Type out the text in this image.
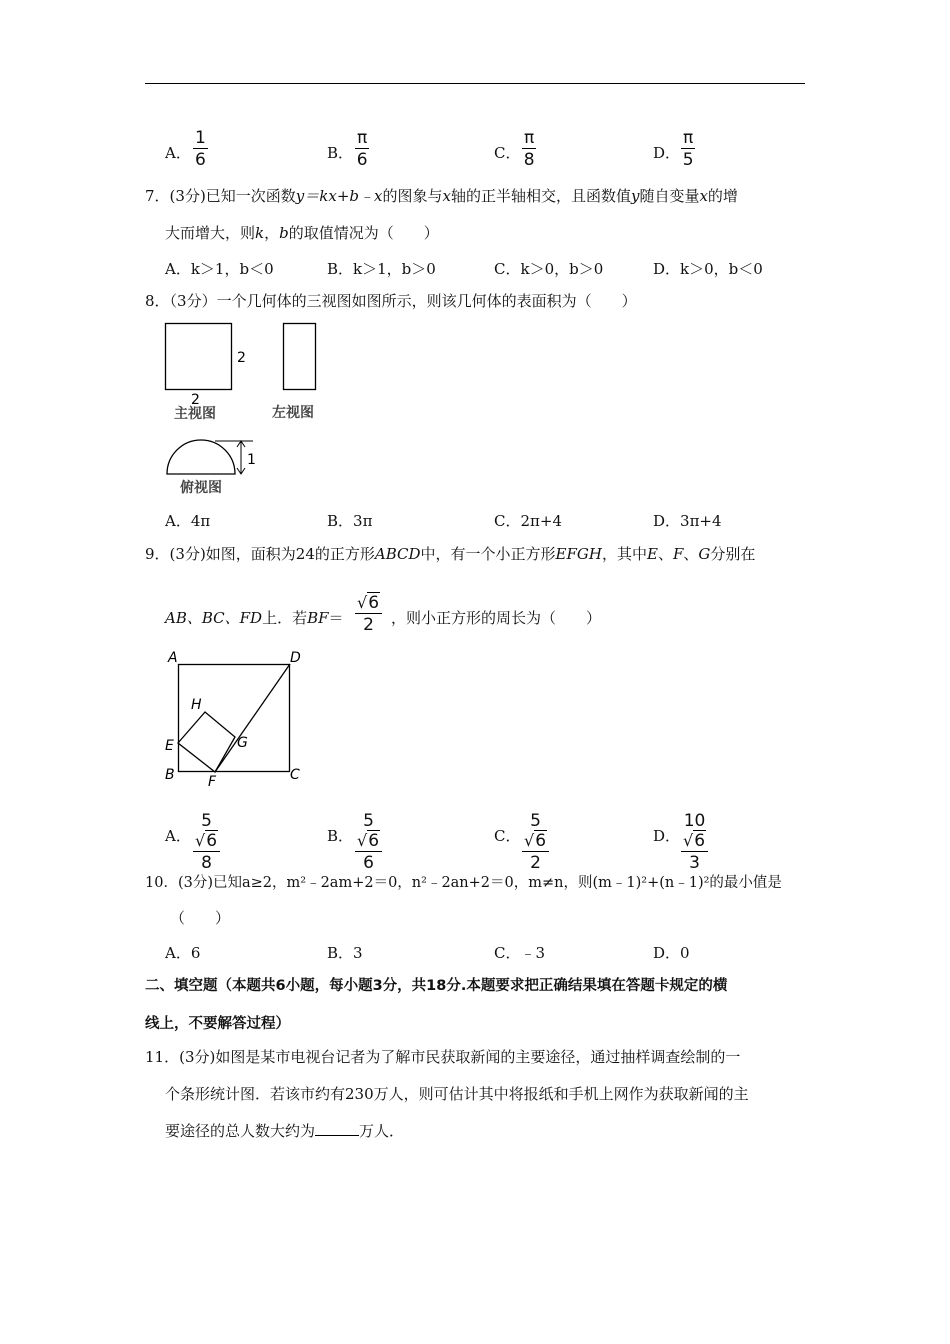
A． $\frac{1}{6}$	B． $\frac{\pi}{6}$	C． $\frac{\pi}{8}$	D． $\frac{\pi}{5}$
7．(3分)已知一次函数y＝kx+b﹣x的图象与x轴的正半轴相交，且函数值y随自变量x的增
大而增大，则k，b的取值情况为（　　）
A．k＞1，b＜0	B．k＞1，b＞0	C．k＞0，b＞0	D．k＞0，b＜0
8．（3分）一个几何体的三视图如图所示，则该几何体的表面积为（　　）
2
2
主视图	左视图
1
俯视图
A．4π	B．3π	C．2π+4	D．3π+4
9．(3分)如图，面积为24的正方形ABCD中，有一个小正方形EFGH，其中E、F、G分别在
AB、BC、FD上．若$BF= \frac{√6}{2}$ ，则小正方形的周长为（　　）
A	D
B	C
E
F
G
H
A． $\frac{5√6}{8}$	B． $\frac{5√6}{6}$	C． $\frac{5√6}{2}$	D． $\frac{10√6}{3}$
10．(3分)已知a≥2，m²﹣2am+2＝0，n²﹣2an+2＝0，m≠n，则(m﹣1)²+(n﹣1)²的最小值是
（　　）
A．6	B．3	C．﹣3	D．0
二、填空题（本题共6小题，每小题3分，共18分.本题要求把正确结果填在答题卡规定的横
线上，不要解答过程）
11．(3分)如图是某市电视台记者为了解市民获取新闻的主要途径，通过抽样调查绘制的一
个条形统计图．若该市约有230万人，则可估计其中将报纸和手机上网作为获取新闻的主
要途径的总人数大约为	万人．
